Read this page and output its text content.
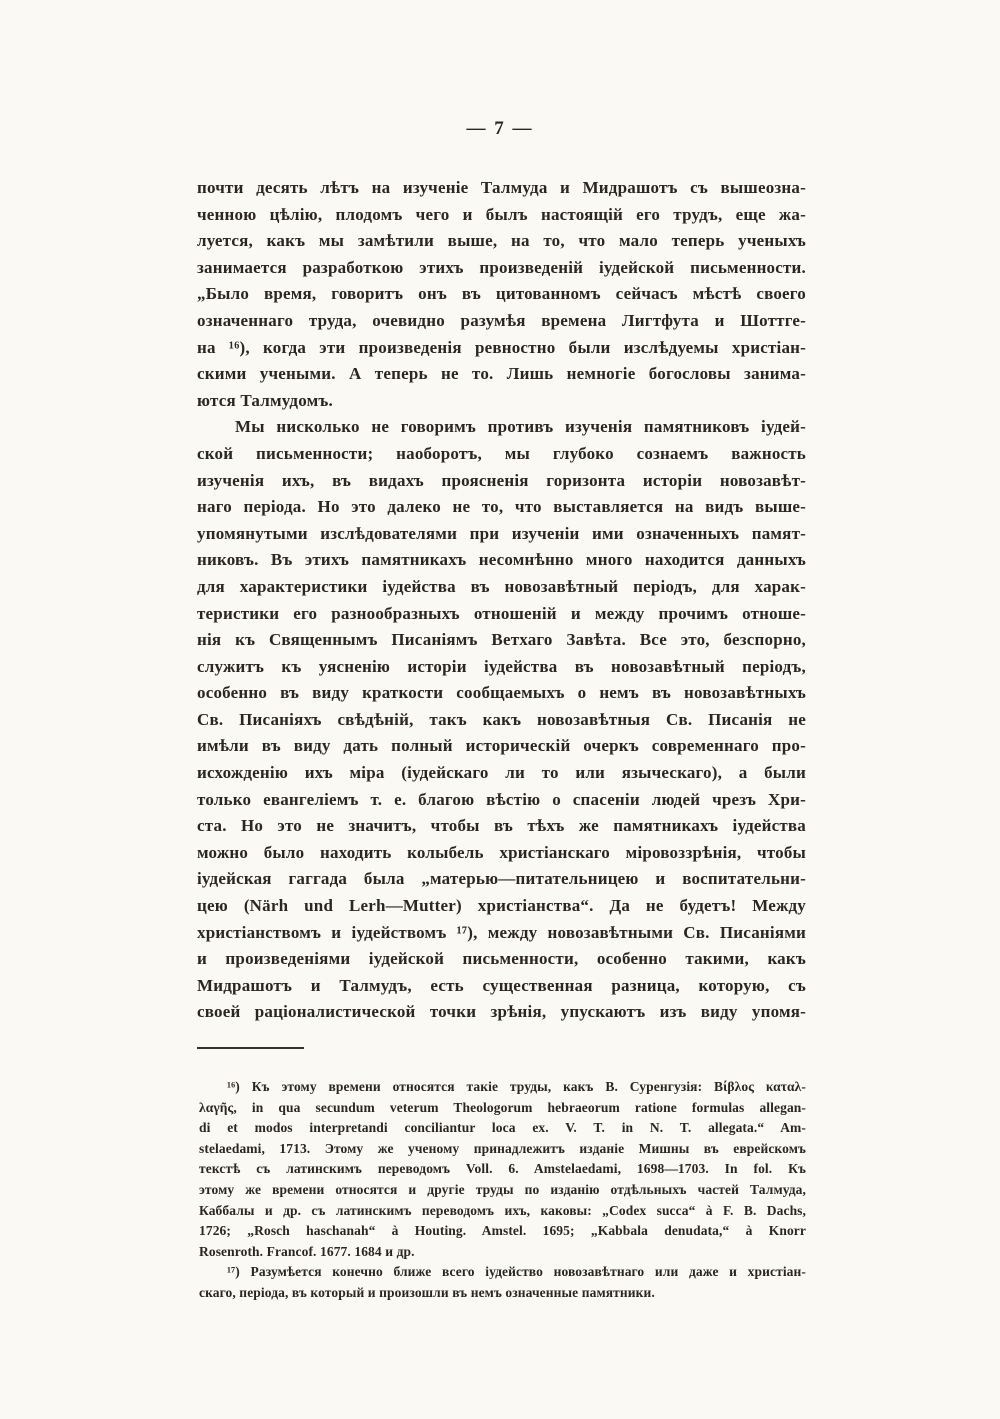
— 7 —
почти десять лѣтъ на изученіе Талмуда и Мидрашотъ съ вышеозна-
ченною цѣлію, плодомъ чего и былъ настоящій его трудъ, еще жа-
луется, какъ мы замѣтили выше, на то, что мало теперь ученыхъ
занимается разработкою этихъ произведеній іудейской письменности.
„Было время, говоритъ онъ въ цитованномъ сейчасъ мѣстѣ своего
означеннаго труда, очевидно разумѣя времена Лигтфута и Шоттге-
на ¹⁶), когда эти произведенія ревностно были изслѣдуемы христіан-
скими учеными. А теперь не то. Лишь немногіе богословы занима-
ются Талмудомъ.
Мы нисколько не говоримъ противъ изученія памятниковъ іудей-
ской письменности; наоборотъ, мы глубоко сознаемъ важность
изученія ихъ, въ видахъ проясненія горизонта исторіи новозавѣт-
наго періода. Но это далеко не то, что выставляется на видъ выше-
упомянутыми изслѣдователями при изученіи ими означенныхъ памят-
никовъ. Въ этихъ памятникахъ несомнѣнно много находится данныхъ
для характеристики іудейства въ новозавѣтный періодъ, для харак-
теристики его разнообразныхъ отношеній и между прочимъ отноше-
нія къ Священнымъ Писаніямъ Ветхаго Завѣта. Все это, безспорно,
служитъ къ уясненію исторіи іудейства въ новозавѣтный періодъ,
особенно въ виду краткости сообщаемыхъ о немъ въ новозавѣтныхъ
Св. Писаніяхъ свѣдѣній, такъ какъ новозавѣтныя Св. Писанія не
имѣли въ виду дать полный историческій очеркъ современнаго про-
исхожденію ихъ міра (іудейскаго ли то или языческаго), а были
только евангеліемъ т. е. благою вѣстію о спасеніи людей чрезъ Хри-
ста. Но это не значитъ, чтобы въ тѣхъ же памятникахъ іудейства
можно было находить колыбель христіанскаго міровоззрѣнія, чтобы
іудейская гаггада была „матерью—питательницею и воспитательни-
цею (Närh und Lerh—Mutter) христіанства“. Да не будетъ! Между
христіанствомъ и іудействомъ ¹⁷), между новозавѣтными Св. Писаніями
и произведеніями іудейской письменности, особенно такими, какъ
Мидрашотъ и Талмудъ, есть существенная разница, которую, съ
своей раціоналистической точки зрѣнія, упускаютъ изъ виду упомя-
¹⁶) Къ этому времени относятся такіе труды, какъ В. Суренгузія: Βίβλος καταλ-
λαγῆς, in qua secundum veterum Theologorum hebraeorum ratione formulas allegan-
di et modos interpretandi conciliantur loca ex. V. T. in N. T. allegata.“ Am-
stelaedami, 1713. Этому же ученому принадлежитъ изданіе Мишны въ еврейскомъ
текстѣ съ латинскимъ переводомъ Voll. 6. Amstelaedami, 1698—1703. In fol. Къ
этому же времени относятся и другіе труды по изданію отдѣльныхъ частей Талмуда,
Каббалы и др. съ латинскимъ переводомъ ихъ, каковы: „Codex succa“ à F. B. Dachs,
1726; „Rosch haschanah“ à Houting. Amstel. 1695; „Kabbala denudata,“ à Knorr
Rosenroth. Francof. 1677. 1684 и др.
¹⁷) Разумѣется конечно ближе всего іудейство новозавѣтнаго или даже и христіан-
скаго, періода, въ который и произошли въ немъ означенные памятники.
